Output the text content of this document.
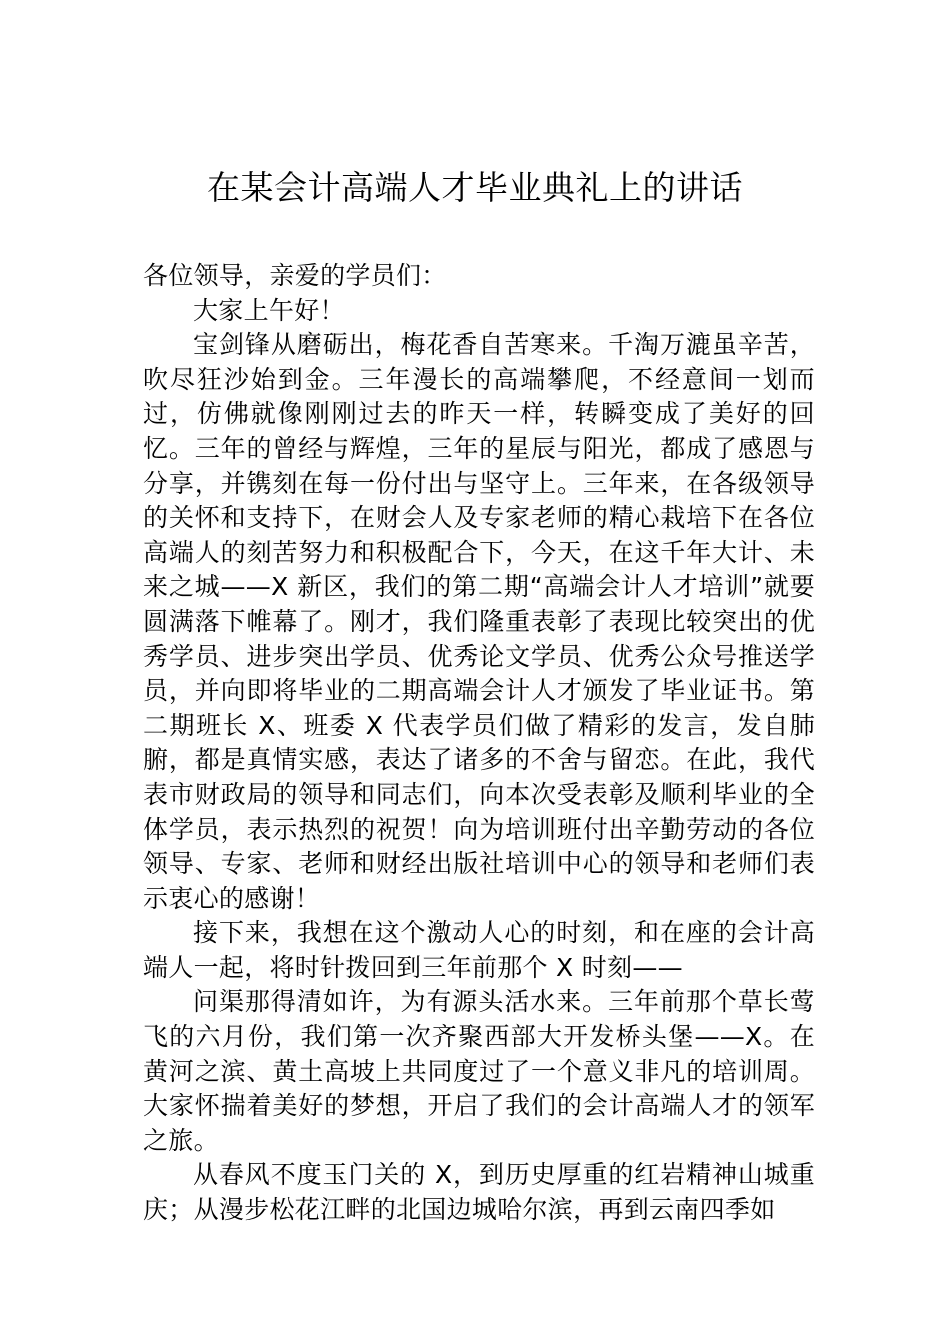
在某会计高端人才毕业典礼上的讲话

各位领导，亲爱的学员们：

大家上午好！

宝剑锋从磨砺出，梅花香自苦寒来。千淘万漉虽辛苦，吹尽狂沙始到金。三年漫长的高端攀爬，不经意间一划而过，仿佛就像刚刚过去的昨天一样，转瞬变成了美好的回忆。三年的曾经与辉煌，三年的星辰与阳光，都成了感恩与分享，并镌刻在每一份付出与坚守上。三年来，在各级领导的关怀和支持下，在财会人及专家老师的精心栽培下在各位高端人的刻苦努力和积极配合下，今天，在这千年大计、未来之城——X 新区，我们的第二期“高端会计人才培训”就要圆满落下帷幕了。刚才，我们隆重表彰了表现比较突出的优秀学员、进步突出学员、优秀论文学员、优秀公众号推送学员，并向即将毕业的二期高端会计人才颁发了毕业证书。第二期班长 X、班委 X 代表学员们做了精彩的发言，发自肺腑，都是真情实感，表达了诸多的不舍与留恋。在此，我代表市财政局的领导和同志们，向本次受表彰及顺利毕业的全体学员，表示热烈的祝贺！向为培训班付出辛勤劳动的各位领导、专家、老师和财经出版社培训中心的领导和老师们表示衷心的感谢！

接下来，我想在这个激动人心的时刻，和在座的会计高端人一起，将时针拨回到三年前那个 X 时刻——

问渠那得清如许，为有源头活水来。三年前那个草长莺飞的六月份，我们第一次齐聚西部大开发桥头堡——X。在黄河之滨、黄土高坡上共同度过了一个意义非凡的培训周。大家怀揣着美好的梦想，开启了我们的会计高端人才的领军之旅。

从春风不度玉门关的 X，到历史厚重的红岩精神山城重庆；从漫步松花江畔的北国边城哈尔滨，再到云南四季如
